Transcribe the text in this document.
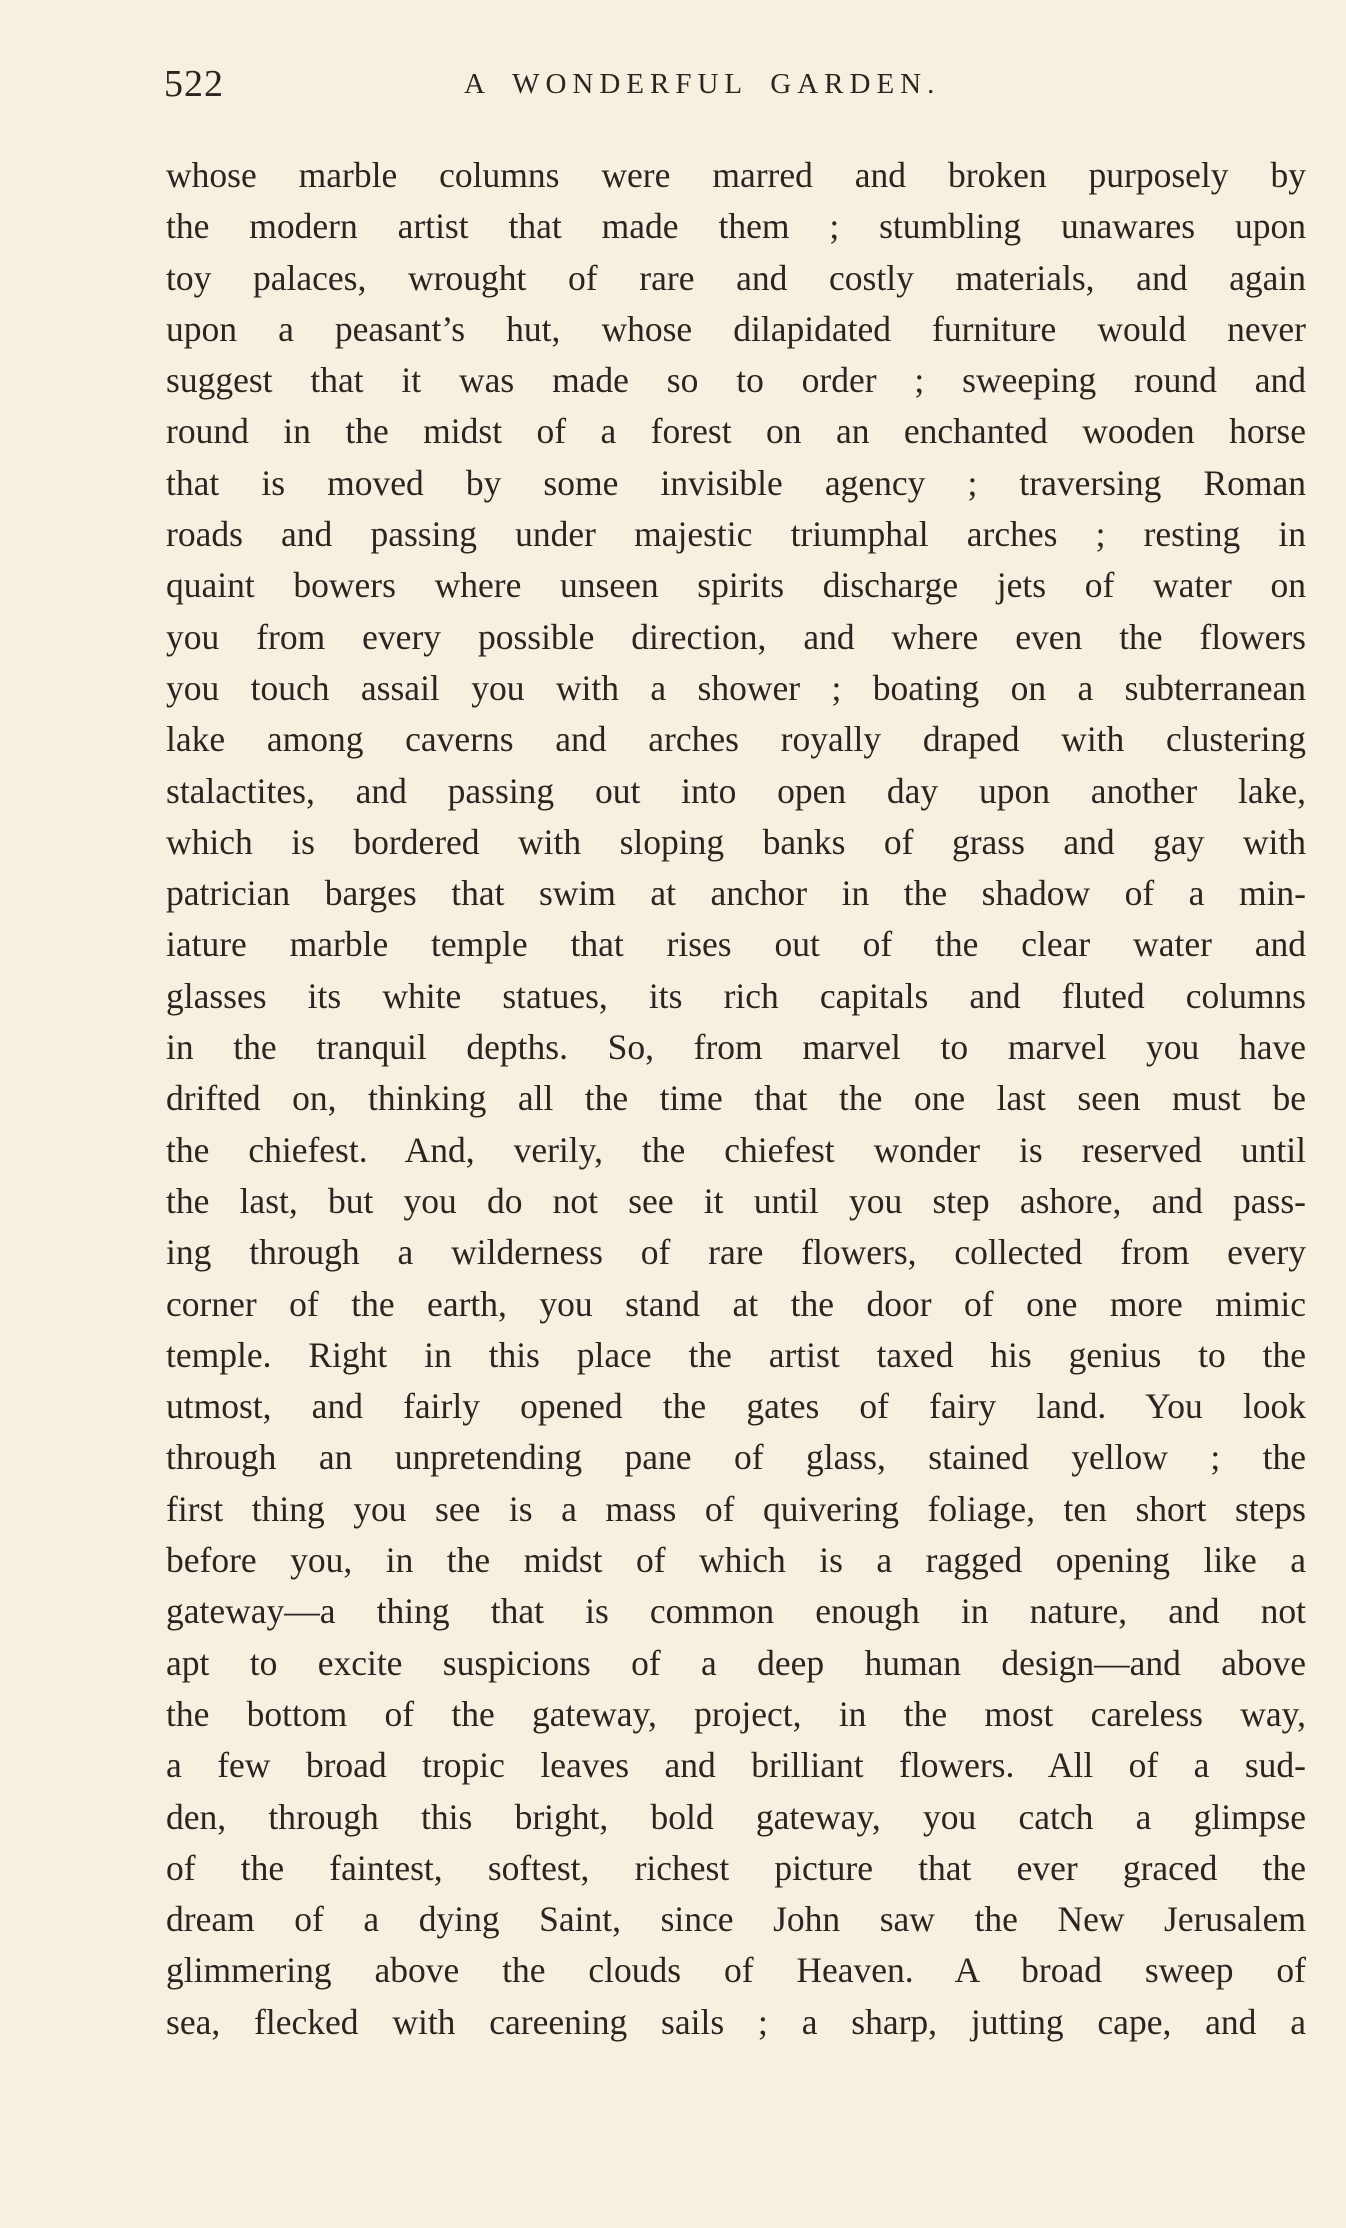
522	A WONDERFUL GARDEN.
whose marble columns were marred and broken purposely by
the modern artist that made them ; stumbling unawares upon
toy palaces, wrought of rare and costly materials, and again
upon a peasant’s hut, whose dilapidated furniture would never
suggest that it was made so to order ; sweeping round and
round in the midst of a forest on an enchanted wooden horse
that is moved by some invisible agency ; traversing Roman
roads and passing under majestic triumphal arches ; resting in
quaint bowers where unseen spirits discharge jets of water on
you from every possible direction, and where even the flowers
you touch assail you with a shower ; boating on a subterranean
lake among caverns and arches royally draped with clustering
stalactites, and passing out into open day upon another lake,
which is bordered with sloping banks of grass and gay with
patrician barges that swim at anchor in the shadow of a min-
iature marble temple that rises out of the clear water and
glasses its white statues, its rich capitals and fluted columns
in the tranquil depths. So, from marvel to marvel you have
drifted on, thinking all the time that the one last seen must be
the chiefest. And, verily, the chiefest wonder is reserved until
the last, but you do not see it until you step ashore, and pass-
ing through a wilderness of rare flowers, collected from every
corner of the earth, you stand at the door of one more mimic
temple. Right in this place the artist taxed his genius to the
utmost, and fairly opened the gates of fairy land. You look
through an unpretending pane of glass, stained yellow ; the
first thing you see is a mass of quivering foliage, ten short steps
before you, in the midst of which is a ragged opening like a
gateway—a thing that is common enough in nature, and not
apt to excite suspicions of a deep human design—and above
the bottom of the gateway, project, in the most careless way,
a few broad tropic leaves and brilliant flowers. All of a sud-
den, through this bright, bold gateway, you catch a glimpse
of the faintest, softest, richest picture that ever graced the
dream of a dying Saint, since John saw the New Jerusalem
glimmering above the clouds of Heaven. A broad sweep of
sea, flecked with careening sails ; a sharp, jutting cape, and a
